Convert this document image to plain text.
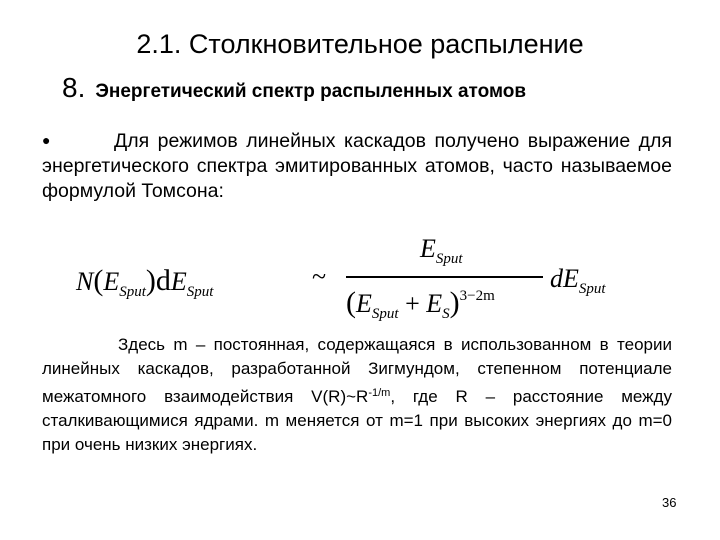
2.1. Столкновительное распыление
8. Энергетический спектр распыленных атомов
●	Для режимов линейных каскадов получено выражение для энергетического спектра эмитированных атомов, часто называемое формулой Томсона:
$N(E_{Sput})dE_{Sput}$
~
$E_{Sput}$
$(E_{Sput} + E_S)^{3-2m}$
$dE_{Sput}$
Здесь m – постоянная, содержащаяся в использованном в теории линейных каскадов, разработанной Зигмундом, степенном потенциале межатомного взаимодействия $V(R)\sim R^{-1/m}$, где R – расстояние между сталкивающимися ядрами. m меняется от m=1 при высоких энергиях до m=0 при очень низких энергиях.
36
